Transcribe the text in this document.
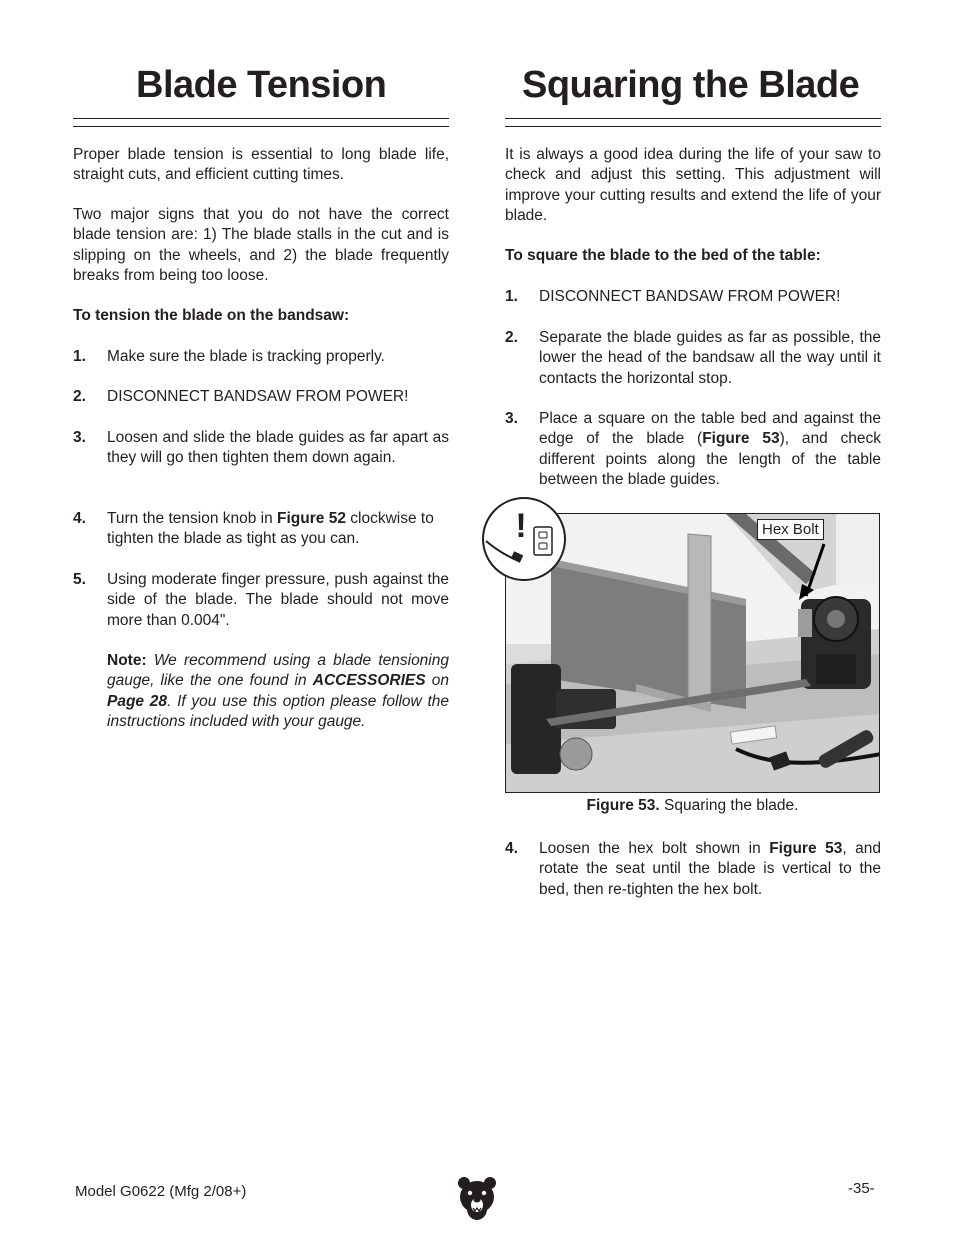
Blade Tension

Proper blade tension is essential to long blade life, straight cuts, and efficient cutting times.

Two major signs that you do not have the correct blade tension are: 1) The blade stalls in the cut and is slipping on the wheels, and 2) the blade frequently breaks from being too loose.

To tension the blade on the bandsaw:

1. Make sure the blade is tracking properly.
2. DISCONNECT BANDSAW FROM POWER!
3. Loosen and slide the blade guides as far apart as they will go then tighten them down again.
4. Turn the tension knob in Figure 52 clockwise to tighten the blade as tight as you can.
5. Using moderate finger pressure, push against the side of the blade. The blade should not move more than 0.004".
Note: We recommend using a blade tensioning gauge, like the one found in ACCESSORIES on Page 28. If you use this option please follow the instructions included with your gauge.
Squaring the Blade

It is always a good idea during the life of your saw to check and adjust this setting. This adjustment will improve your cutting results and extend the life of your blade.

To square the blade to the bed of the table:

1. DISCONNECT BANDSAW FROM POWER!
2. Separate the blade guides as far as possible, the lower the head of the bandsaw all the way until it contacts the horizontal stop.
3. Place a square on the table bed and against the edge of the blade (Figure 53), and check different points along the length of the table between the blade guides.
4. Loosen the hex bolt shown in Figure 53, and rotate the seat until the blade is vertical to the bed, then re-tighten the hex bolt.
!	Hex Bolt
Figure 53. Squaring the blade.
Model G0622 (Mfg 2/08+)	-35-
